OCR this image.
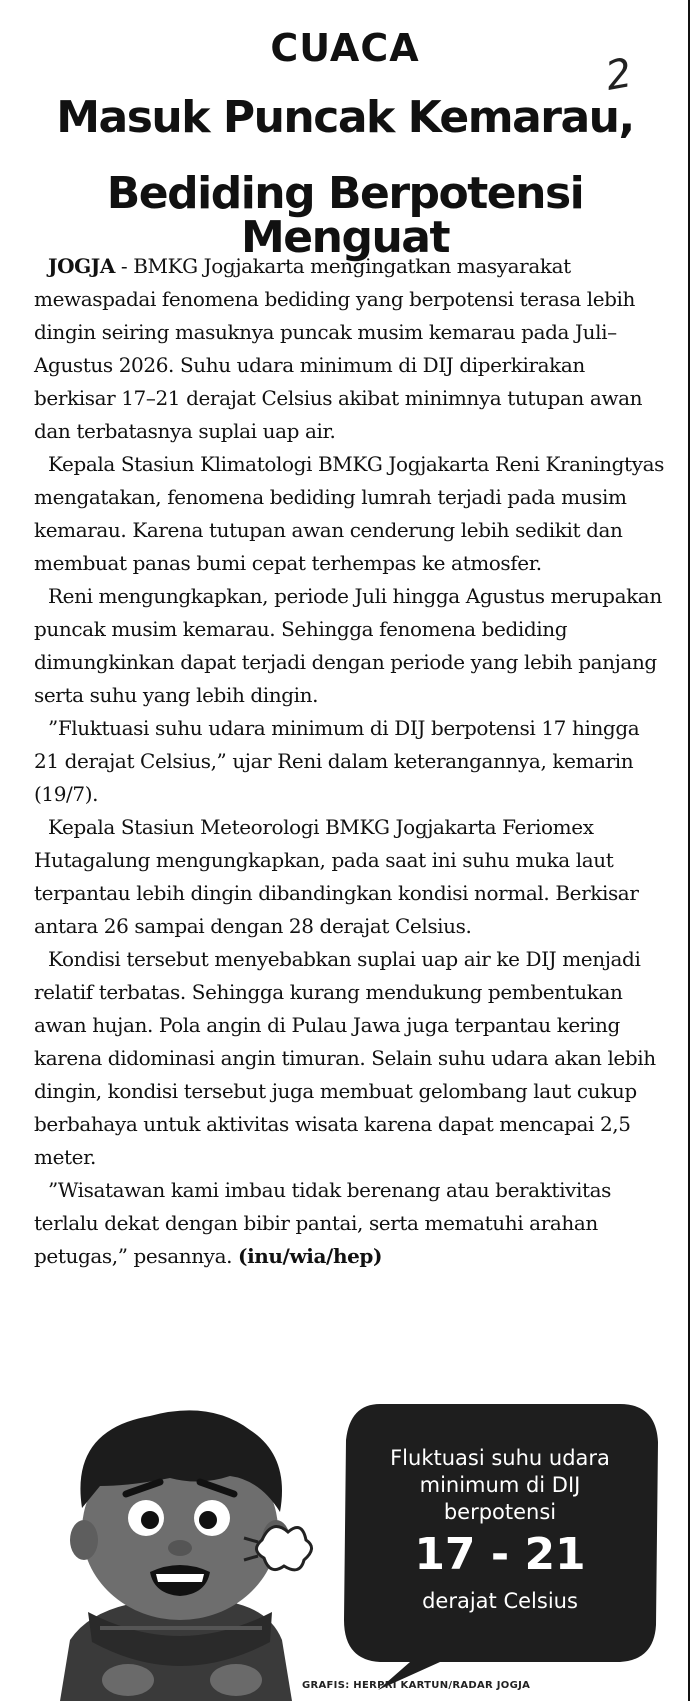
2
CUACA
Masuk Puncak Kemarau,
Bediding Berpotensi Menguat

JOGJA - BMKG Jogjakarta mengingatkan masyarakat mewaspadai fenomena bediding yang berpotensi terasa lebih dingin seiring masuknya puncak musim kemarau pada Juli–Agustus 2026. Suhu udara minimum di DIJ diperkirakan berkisar 17–21 derajat Celsius akibat minimnya tutupan awan dan terbatasnya suplai uap air.

Kepala Stasiun Klimatologi BMKG Jogjakarta Reni Kraningtyas mengatakan, fenomena bediding lumrah terjadi pada musim kemarau. Karena tutupan awan cenderung lebih sedikit dan membuat panas bumi cepat terhempas ke atmosfer.

Reni mengungkapkan, periode Juli hingga Agustus merupakan puncak musim kemarau. Sehingga fenomena bediding dimungkinkan dapat terjadi dengan periode yang lebih panjang serta suhu yang lebih dingin.

”Fluktuasi suhu udara minimum di DIJ berpotensi 17 hingga 21 derajat Celsius,” ujar Reni dalam keterangannya, kemarin (19/7).

Kepala Stasiun Meteorologi BMKG Jogjakarta Feriomex Hutagalung mengungkapkan, pada saat ini suhu muka laut terpantau lebih dingin dibandingkan kondisi normal. Berkisar antara 26 sampai dengan 28 derajat Celsius.

Kondisi tersebut menyebabkan suplai uap air ke DIJ menjadi relatif terbatas. Sehingga kurang mendukung pembentukan awan hujan. Pola angin di Pulau Jawa juga terpantau kering karena didominasi angin timuran. Selain suhu udara akan lebih dingin, kondisi tersebut juga membuat gelombang laut cukup berbahaya untuk aktivitas wisata karena dapat mencapai 2,5 meter.

”Wisatawan kami imbau tidak berenang atau beraktivitas terlalu dekat dengan bibir pantai, serta mematuhi arahan petugas,” pesannya. (inu/wia/hep)

Fluktuasi suhu udara
minimum di DIJ
berpotensi
17 - 21
derajat Celsius
GRAFIS: HERPRI KARTUN/RADAR JOGJA
